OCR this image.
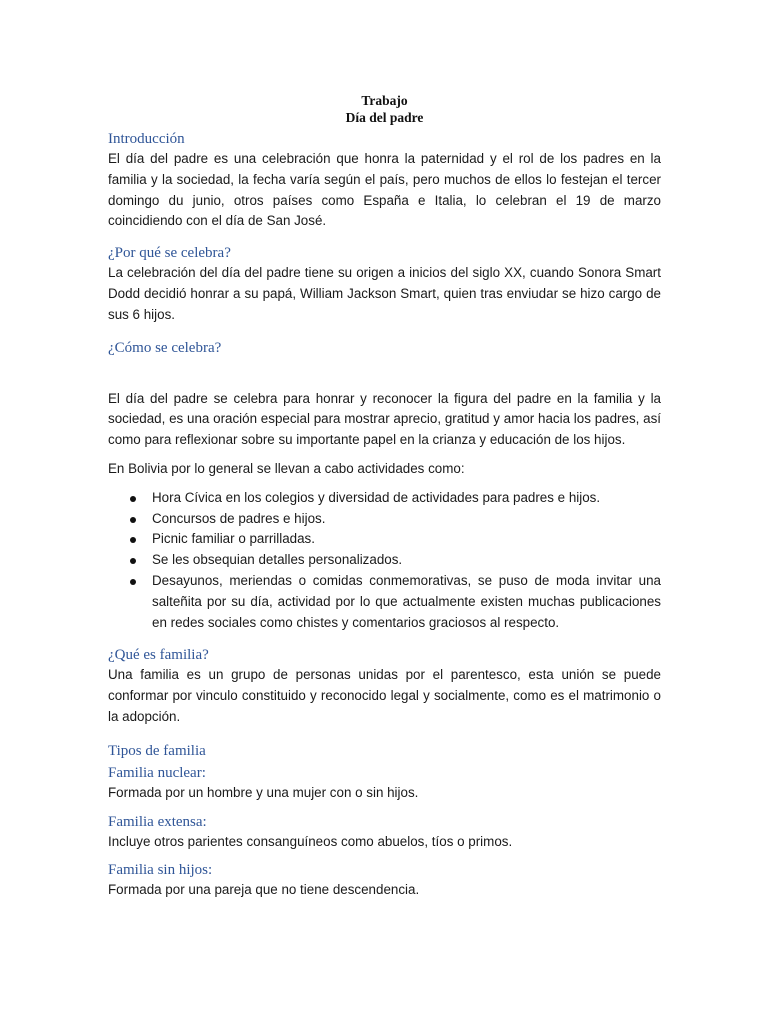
Trabajo
Día del padre
Introducción

El día del padre es una celebración que honra la paternidad y el rol de los padres en la familia y la sociedad, la fecha varía según el país, pero muchos de ellos lo festejan el tercer domingo du junio, otros países como España e Italia, lo celebran el 19 de marzo coincidiendo con el día de San José.

¿Por qué se celebra?

La celebración del día del padre tiene su origen a inicios del siglo XX, cuando Sonora Smart Dodd decidió honrar a su papá, William Jackson Smart, quien tras enviudar se hizo cargo de sus 6 hijos.

¿Cómo se celebra?

El día del padre se celebra para honrar y reconocer la figura del padre en la familia y la sociedad, es una oración especial para mostrar aprecio, gratitud y amor hacia los padres, así como para reflexionar sobre su importante papel en la crianza y educación de los hijos.

En Bolivia por lo general se llevan a cabo actividades como:

Hora Cívica en los colegios y diversidad de actividades para padres e hijos.
Concursos de padres e hijos.
Picnic familiar o parrilladas.
Se les obsequian detalles personalizados.
Desayunos, meriendas o comidas conmemorativas, se puso de moda invitar una salteñita por su día, actividad por lo que actualmente existen muchas publicaciones en redes sociales como chistes y comentarios graciosos al respecto.
¿Qué es familia?

Una familia es un grupo de personas unidas por el parentesco, esta unión se puede conformar por vinculo constituido y reconocido legal y socialmente, como es el matrimonio o la adopción.

Tipos de familia
Familia nuclear:

Formada por un hombre y una mujer con o sin hijos.

Familia extensa:

Incluye otros parientes consanguíneos como abuelos, tíos o primos.

Familia sin hijos:

Formada por una pareja que no tiene descendencia.
